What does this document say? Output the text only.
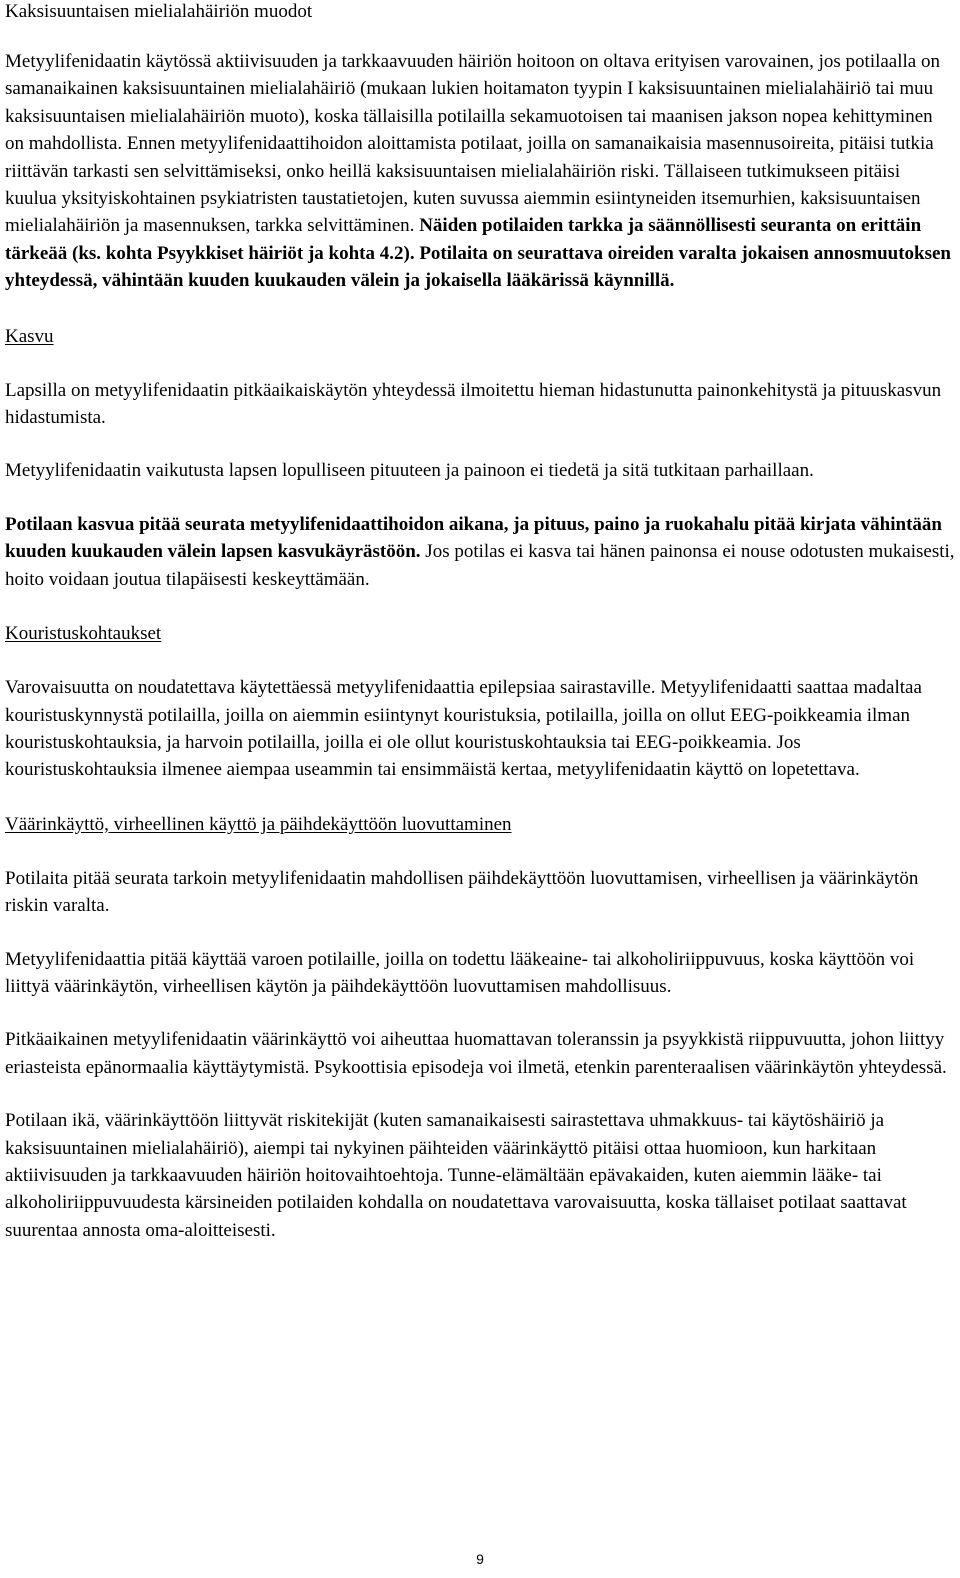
Kaksisuuntaisen mielialahäiriön muodot

Metyylifenidaatin käytössä aktiivisuuden ja tarkkaavuuden häiriön hoitoon on oltava erityisen varovainen, jos potilaalla on samanaikainen kaksisuuntainen mielialahäiriö (mukaan lukien hoitamaton tyypin I kaksisuuntainen mielialahäiriö tai muu kaksisuuntaisen mielialahäiriön muoto), koska tällaisilla potilailla sekamuotoisen tai maanisen jakson nopea kehittyminen on mahdollista. Ennen metyylifenidaattihoidon aloittamista potilaat, joilla on samanaikaisia masennusoireita, pitäisi tutkia riittävän tarkasti sen selvittämiseksi, onko heillä kaksisuuntaisen mielialahäiriön riski. Tällaiseen tutkimukseen pitäisi kuulua yksityiskohtainen psykiatristen taustatietojen, kuten suvussa aiemmin esiintyneiden itsemurhien, kaksisuuntaisen mielialahäiriön ja masennuksen, tarkka selvittäminen. Näiden potilaiden tarkka ja säännöllisesti seuranta on erittäin tärkeää (ks. kohta Psyykkiset häiriöt ja kohta 4.2). Potilaita on seurattava oireiden varalta jokaisen annosmuutoksen yhteydessä, vähintään kuuden kuukauden välein ja jokaisella lääkärissä käynnillä.

Kasvu

Lapsilla on metyylifenidaatin pitkäaikaiskäytön yhteydessä ilmoitettu hieman hidastunutta painonkehitystä ja pituuskasvun hidastumista.

Metyylifenidaatin vaikutusta lapsen lopulliseen pituuteen ja painoon ei tiedetä ja sitä tutkitaan parhaillaan.

Potilaan kasvua pitää seurata metyylifenidaattihoidon aikana, ja pituus, paino ja ruokahalu pitää kirjata vähintään kuuden kuukauden välein lapsen kasvukäyrästöön. Jos potilas ei kasva tai hänen painonsa ei nouse odotusten mukaisesti, hoito voidaan joutua tilapäisesti keskeyttämään.

Kouristuskohtaukset

Varovaisuutta on noudatettava käytettäessä metyylifenidaattia epilepsiaa sairastaville. Metyylifenidaatti saattaa madaltaa kouristuskynnystä potilailla, joilla on aiemmin esiintynyt kouristuksia, potilailla, joilla on ollut EEG-poikkeamia ilman kouristuskohtauksia, ja harvoin potilailla, joilla ei ole ollut kouristuskohtauksia tai EEG-poikkeamia. Jos kouristuskohtauksia ilmenee aiempaa useammin tai ensimmäistä kertaa, metyylifenidaatin käyttö on lopetettava.

Väärinkäyttö, virheellinen käyttö ja päihdekäyttöön luovuttaminen

Potilaita pitää seurata tarkoin metyylifenidaatin mahdollisen päihdekäyttöön luovuttamisen, virheellisen ja väärinkäytön riskin varalta.

Metyylifenidaattia pitää käyttää varoen potilaille, joilla on todettu lääkeaine- tai alkoholiriippuvuus, koska käyttöön voi liittyä väärinkäytön, virheellisen käytön ja päihdekäyttöön luovuttamisen mahdollisuus.

Pitkäaikainen metyylifenidaatin väärinkäyttö voi aiheuttaa huomattavan toleranssin ja psyykkistä riippuvuutta, johon liittyy eriasteista epänormaalia käyttäytymistä. Psykoottisia episodeja voi ilmetä, etenkin parenteraalisen väärinkäytön yhteydessä.

Potilaan ikä, väärinkäyttöön liittyvät riskitekijät (kuten samanaikaisesti sairastettava uhmakkuus- tai käytöshäiriö ja kaksisuuntainen mielialahäiriö), aiempi tai nykyinen päihteiden väärinkäyttö pitäisi ottaa huomioon, kun harkitaan aktiivisuuden ja tarkkaavuuden häiriön hoitovaihtoehtoja. Tunne-elämältään epävakaiden, kuten aiemmin lääke- tai alkoholiriippuvuudesta kärsineiden potilaiden kohdalla on noudatettava varovaisuutta, koska tällaiset potilaat saattavat suurentaa annosta oma-aloitteisesti.

9
